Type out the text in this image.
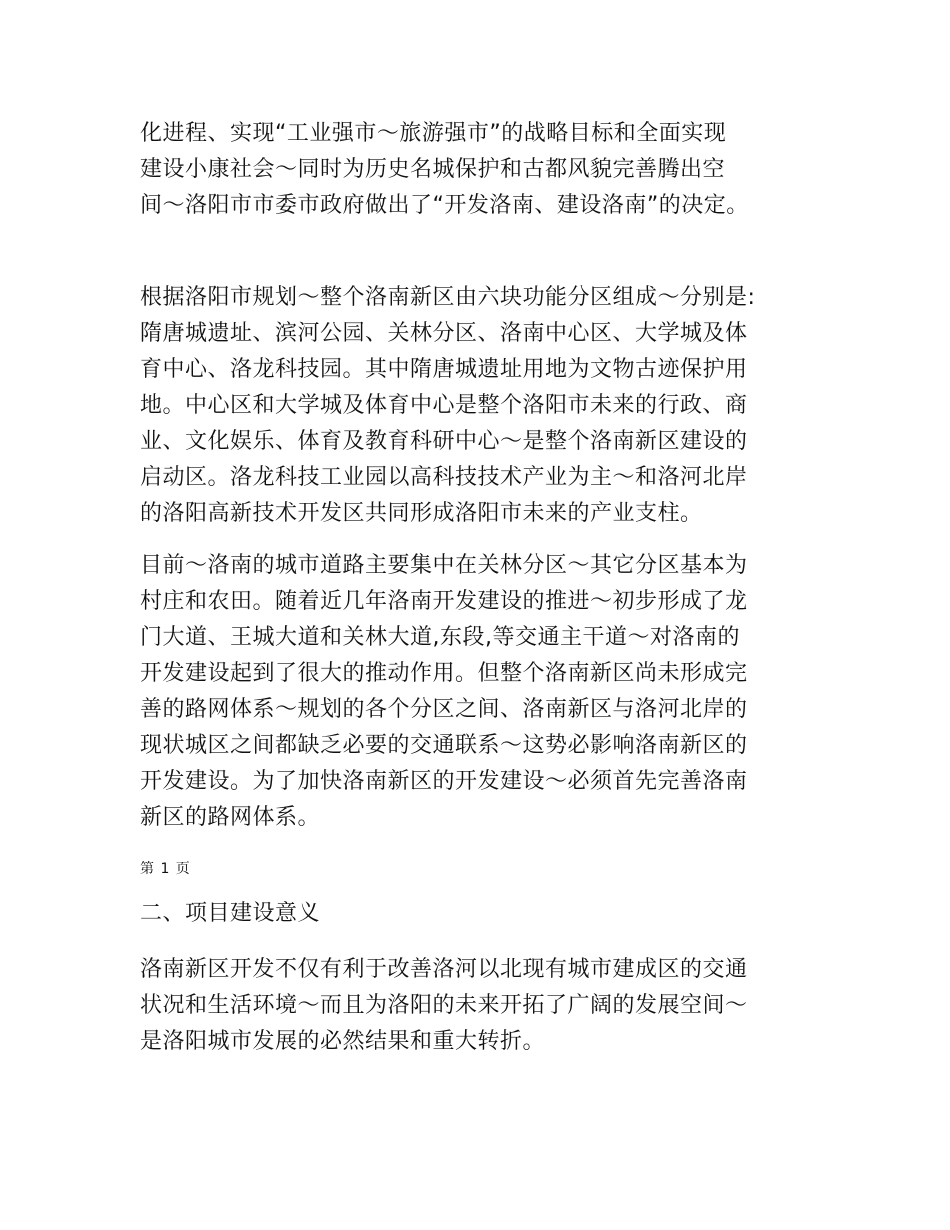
化进程、实现“工业强市～旅游强市”的战略目标和全面实现
建设小康社会～同时为历史名城保护和古都风貌完善腾出空
间～洛阳市市委市政府做出了“开发洛南、建设洛南”的决定。
根据洛阳市规划～整个洛南新区由六块功能分区组成～分别是:
隋唐城遗址、滨河公园、关林分区、洛南中心区、大学城及体
育中心、洛龙科技园。其中隋唐城遗址用地为文物古迹保护用
地。中心区和大学城及体育中心是整个洛阳市未来的行政、商
业、文化娱乐、体育及教育科研中心～是整个洛南新区建设的
启动区。洛龙科技工业园以高科技技术产业为主～和洛河北岸
的洛阳高新技术开发区共同形成洛阳市未来的产业支柱。
目前～洛南的城市道路主要集中在关林分区～其它分区基本为
村庄和农田。随着近几年洛南开发建设的推进～初步形成了龙
门大道、王城大道和关林大道,东段,等交通主干道～对洛南的
开发建设起到了很大的推动作用。但整个洛南新区尚未形成完
善的路网体系～规划的各个分区之间、洛南新区与洛河北岸的
现状城区之间都缺乏必要的交通联系～这势必影响洛南新区的
开发建设。为了加快洛南新区的开发建设～必须首先完善洛南
新区的路网体系。
第 1 页
二、项目建设意义
洛南新区开发不仅有利于改善洛河以北现有城市建成区的交通
状况和生活环境～而且为洛阳的未来开拓了广阔的发展空间～
是洛阳城市发展的必然结果和重大转折。
